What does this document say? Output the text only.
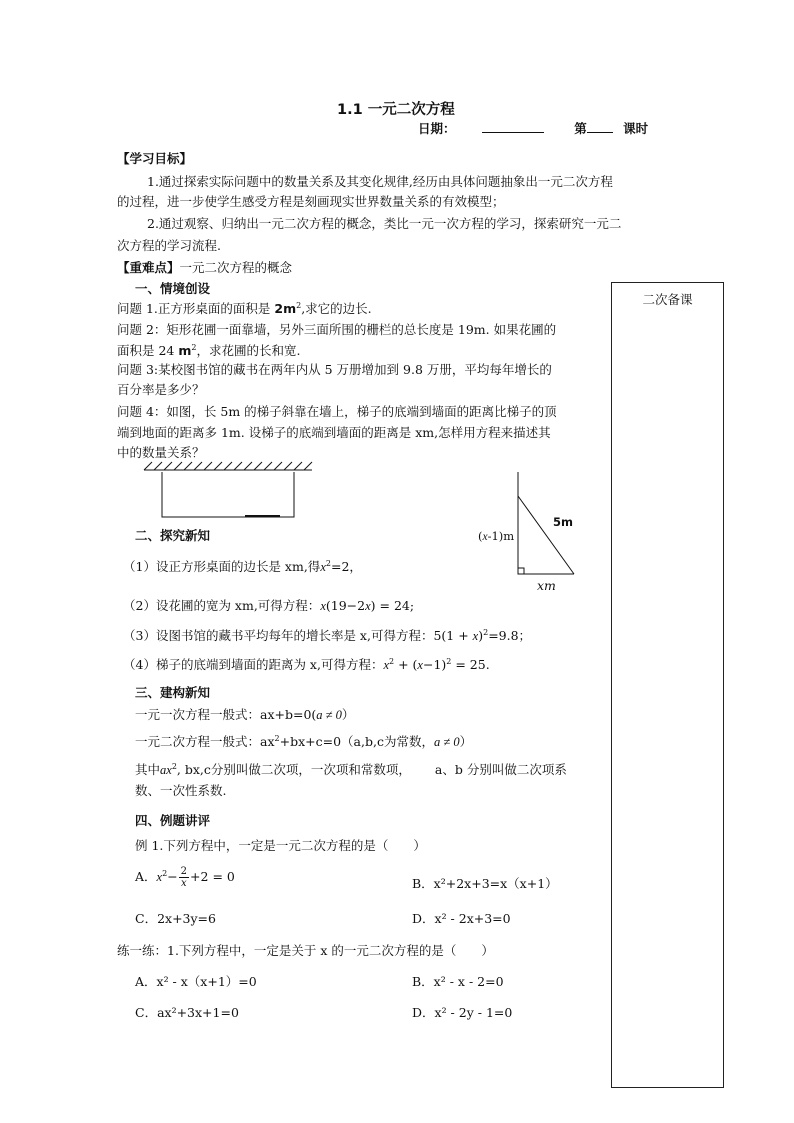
1.1 一元二次方程
日期：	第	课时
二次备课
【学习目标】
1.通过探索实际问题中的数量关系及其变化规律,经历由具体问题抽象出一元二次方程
的过程，进一步使学生感受方程是刻画现实世界数量关系的有效模型；
2.通过观察、归纳出一元二次方程的概念，类比一元一次方程的学习，探索研究一元二
次方程的学习流程.
【重难点】一元二次方程的概念
一、情境创设
问题 1.正方形桌面的面积是 $2m^2$,求它的边长.
问题 2：矩形花圃一面靠墙，另外三面所围的栅栏的总长度是 19m. 如果花圃的
面积是 24 $m^2$，求花圃的长和宽.
问题 3:某校图书馆的藏书在两年内从 5 万册增加到 9.8 万册，平均每年增长的
百分率是多少？
问题 4：如图，长 5m 的梯子斜靠在墙上，梯子的底端到墙面的距离比梯子的顶
端到地面的距离多 1m. 设梯子的底端到墙面的距离是 xm,怎样用方程来描述其
中的数量关系？
5m
(x-1)m
xm
二、探究新知
（1）设正方形桌面的边长是 xm,得$x^2=2$，
（2）设花圃的宽为 xm,可得方程：x(19−2x) = 24;
（3）设图书馆的藏书平均每年的增长率是 x,可得方程：$5(1 + x)^2=9.8$；
（4）梯子的底端到墙面的距离为 x,可得方程：$x^2 + (x-1)^2 = 25$.
三、建构新知
一元一次方程一般式：ax+b=0(a ≠ 0）
一元二次方程一般式：$ax^2+bx+c=0(a,b,c$为常数，a ≠ 0）
其中$ax^2$, bx,c分别叫做二次项，一次项和常数项， a、b 分别叫做二次项系
数、一次性系数.
四、例题讲评
例 1.下列方程中，一定是一元二次方程的是（　　）
A．$x^2- \frac{2}{x} +2 = 0$	B．x²+2x+3=x（x+1）
C．2x+3y=6	D．x² - 2x+3=0
练一练：1.下列方程中，一定是关于 x 的一元二次方程的是（　　）
A．x² - x（x+1）=0	B．x² - x - 2=0
C．ax²+3x+1=0	D．x² - 2y - 1=0
